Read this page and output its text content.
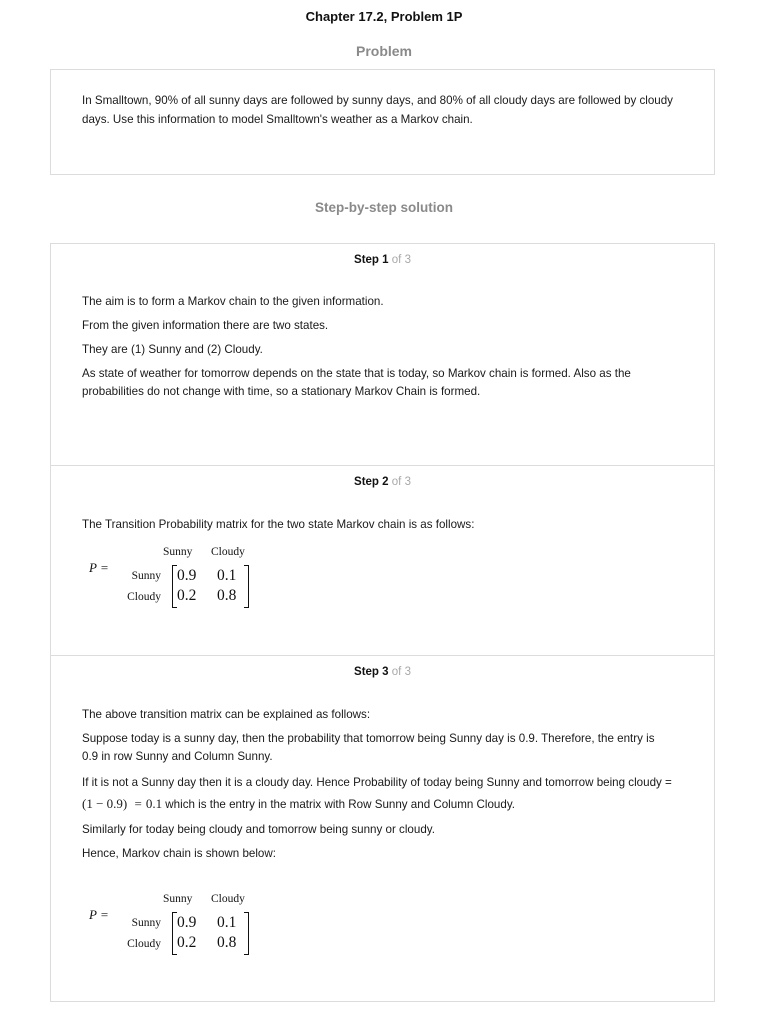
Chapter 17.2, Problem 1P
Problem

In Smalltown, 90% of all sunny days are followed by sunny days, and 80% of all cloudy days are followed by cloudy days. Use this information to model Smalltown's weather as a Markov chain.

Step-by-step solution
Step 1 of 3

The aim is to form a Markov chain to the given information.

From the given information there are two states.

They are (1) Sunny and (2) Cloudy.

As state of weather for tomorrow depends on the state that is today, so Markov chain is formed. Also as the probabilities do not change with time, so a stationary Markov Chain is formed.

Step 2 of 3

The Transition Probability matrix for the two state Markov chain is as follows:

P =
Sunny Cloudy
Sunny
Cloudy
0.9 0.1
0.2 0.8
Step 3 of 3

The above transition matrix can be explained as follows:

Suppose today is a sunny day, then the probability that tomorrow being Sunny day is 0.9. Therefore, the entry is 0.9 in row Sunny and Column Sunny.

If it is not a Sunny day then it is a cloudy day. Hence Probability of today being Sunny and tomorrow being cloudy = (1 − 0.9) = 0.1 which is the entry in the matrix with Row Sunny and Column Cloudy.

Similarly for today being cloudy and tomorrow being sunny or cloudy.

Hence, Markov chain is shown below:

P =
Sunny Cloudy
Sunny
Cloudy
0.9 0.1
0.2 0.8
